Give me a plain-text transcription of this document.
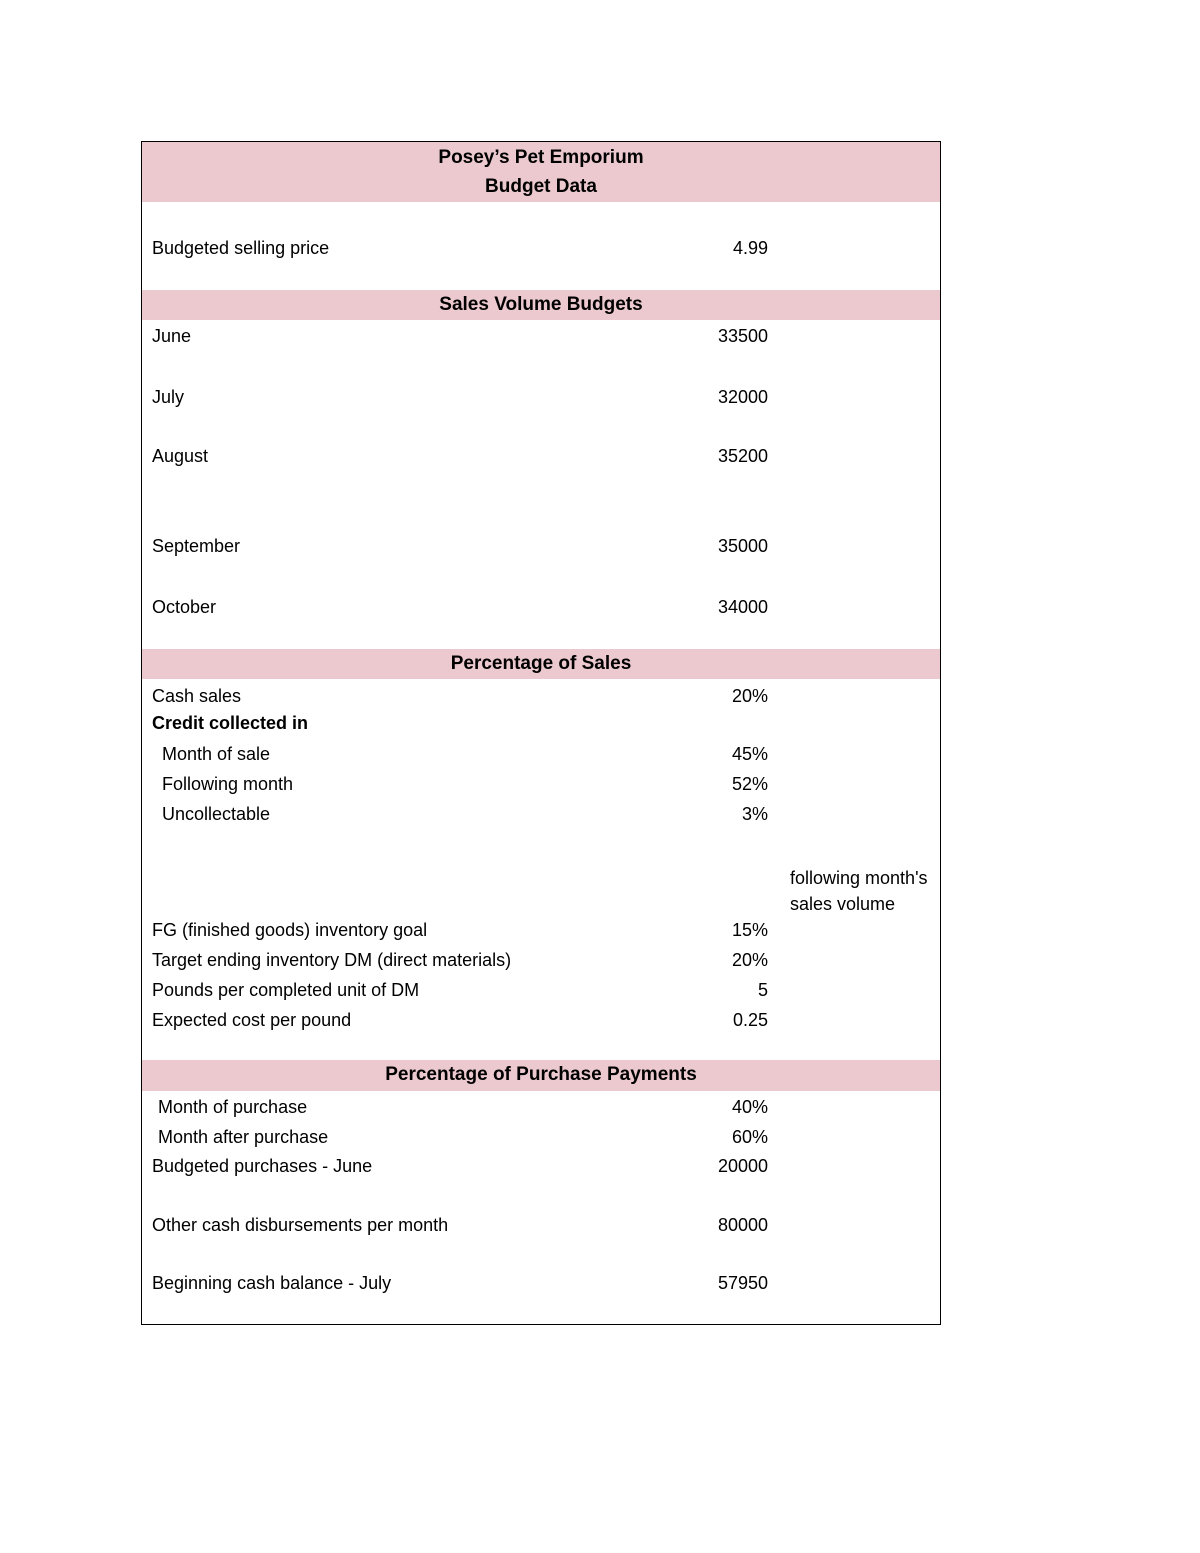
Posey’s Pet Emporium
Budget Data
Budgeted selling price	4.99
Sales Volume Budgets
June	33500
July	32000
August	35200
September	35000
October	34000
Percentage of Sales
Cash sales	20%
Credit collected in
Month of sale	45%
Following month	52%
Uncollectable	3%
following month's sales volume
FG (finished goods) inventory goal	15%
Target ending inventory DM (direct materials)	20%
Pounds per completed unit of DM	5
Expected cost per pound	0.25
Percentage of Purchase Payments
Month of purchase	40%
Month after purchase	60%
Budgeted purchases - June	20000
Other cash disbursements per month	80000
Beginning cash balance - July	57950
